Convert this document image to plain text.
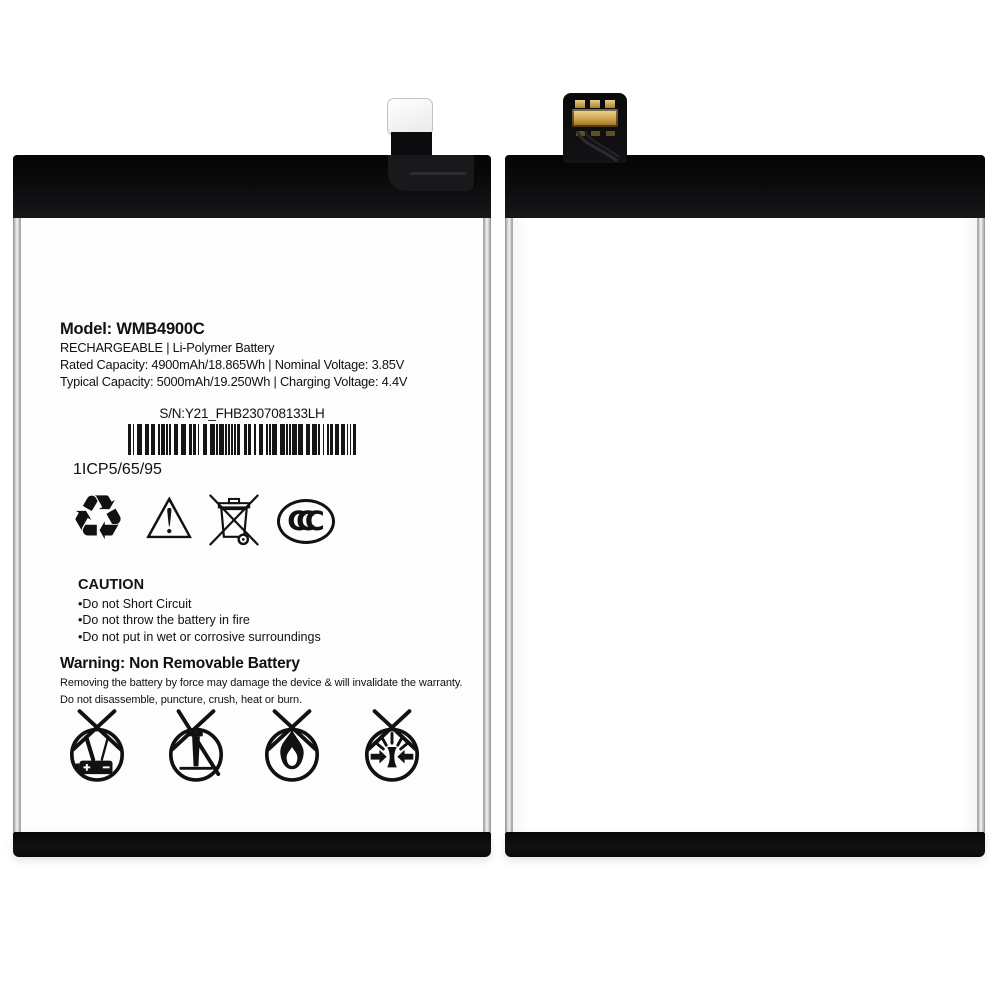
Model: WMB4900C
RECHARGEABLE | Li-Polymer Battery
Rated Capacity: 4900mAh/18.865Wh | Nominal Voltage: 3.85V
Typical Capacity: 5000mAh/19.250Wh | Charging Voltage: 4.4V
S/N:Y21_FHB230708133LH
1ICP5/65/95
♻ ⚠	CCC
CAUTION
• Do not Short Circuit
• Do not throw the battery in fire
• Do not put in wet or corrosive surroundings
Warning: Non Removable Battery
Removing the battery by force may damage the device & will invalidate the warranty.
Do not disassemble, puncture, crush, heat or burn.
